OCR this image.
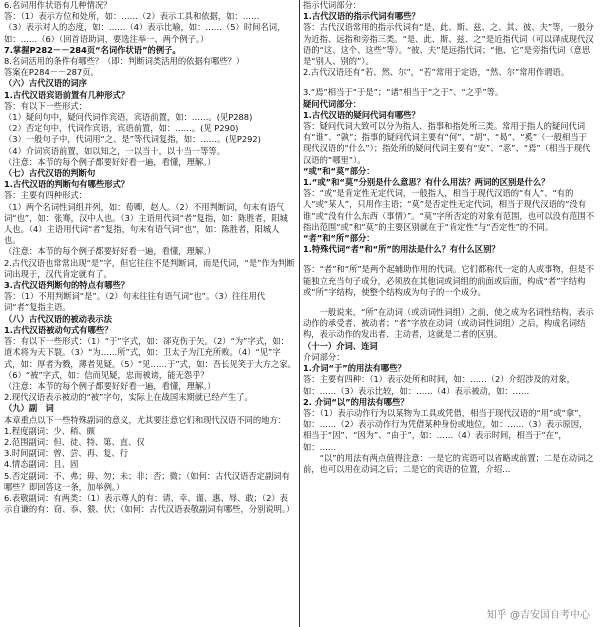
6.名词用作状语有几种情况？
答：（1）表示方位和处所，如：……（2）表示工具和依据，如：……
（3）表示对人的态度，如：……（4）表示比喻，如：……（5）时间名词，如：……（6）（回首语助词，要选注举一、两个例子。）
7.掌握P282－－284页“名词作状语”的例子。
8.名词活用的条件有哪些？（即：判断词类活用的依据有哪些？）
答案在P284－－287页。
（六）古代汉语的词序
1.古代汉语宾语前置有几种形式？
答：有以下一些形式：
（1）疑问句中，疑问代词作宾语，宾语前置，如：……。(见P288)
（2）否定句中，代词作宾语，宾语前置，如：……。(见 P290)
（3）一般句子中，代词用“之、是”等代词复指，如：……。(见P292)
（4）介词宾语前置，如以知之，一以当十，以十当一等等。
（注意：本节的每个例子都要好好看一遍，看懂，理解。）
（七）古代汉语的判断句
1.古代汉语的判断句有哪些形式？
答：主要有四种形式：
（1）两个名词性词组并列，如：荀卿，赵人。（2）不用判断词，句末有语气词“也”，如：张骞，汉中人也。（3）主语用代词“者”复指，如：陈胜者，阳城人也。（4）主语用代词“者”复指，句末有语气词“也”，如：陈胜者，阳城人也。
（注意：本节的每个例子都要好好看一遍，看懂，理解。）
2.古代汉语也常常出现“是”字，但它往往不是判断词，而是代词，“是”作为判断词出现于，汉代肯定就有了。
3.古代汉语判断句的特点有哪些？
答：（1）不用判断词“是”。（2）句末往往有语气词“也”。（3）往往用代词“者”复指主语。
（八）古代汉语的被动表示法
1.古代汉语被动句式有哪些？
答：有以下一些形式：（1）“于”字式，如：郤克伤于矢。（2）“为”字式，如：道术将为天下裂。（3）“为……所”式，如：卫太子为江充所败。（4）“见”字式，如：厚者为戮，薄者见疑。（5）“见……于”式，如：吾长见笑于大方之家。（6）“被”字式，如：信而见疑，忠而被谤，能无怨乎？
（注意：本节的每个例子都要好好看一遍，看懂，理解。）
2.现代汉语表示被动的“被”字句，实际上在战国末期就已经产生了。
（九）副　词
本章重点以下一些特殊副词的意义，尤其要注意它们和现代汉语不同的地方：
1.程度副词：少、稍、颇
2.范围副词：但、徒、特、第、直、仅
3.时间副词：曾、尝、再、复、行
4.情态副词：且、固
5.否定副词：不、弗；毋、勿；未；非；否；微；（如何：古代汉语否定副词有哪些？即回答这一条，加举例。）
6.表敬副词：有两类：（1）表示尊人的有：请、幸、谨、惠、辱、敢；（2）表示自谦的有：窃、忝、猥、伏；（如何：古代汉语表敬副词有哪些，分别说明。）
指示代词部分：
1.古代汉语的指示代词有哪些？
答：古代汉语常用的指示代词有“是、此、斯、兹、之、其、彼、夫”等，一般分为近指、远指和旁指三类。“是、此、斯、兹、之”是近指代词（可以译成现代汉语的“这、这个、这些”等）。“彼、夫”是远指代词；“他、它”是旁指代词（意思是“别人、别的”）。
2.古代汉语还有“若、然、尔”，“若”常用于定语，“然、尔”常用作谓语。
3.“焉”相当于“于是”；“诸”相当于“之于”、“之乎”等。
疑问代词部分：
1.古代汉语的疑问代词有哪些？
答：疑问代词大致可以分为指人、指事和指处所三类。常用于指人的疑问代词有“谁”、“孰”；指事的疑问代词主要有“何”、“胡”、“曷”、“奚”（一般相当于现代汉语的“什么”）；指处所的疑问代词主要有“安”、“恶”、“焉”（相当于现代汉语的“哪里”）。
“或”和“莫”部分：
1.“或”和“莫”分别是什么意思？有什么用法？两词的区别是什么？
答：“或”是肯定性无定代词，一般指人，相当于现代汉语的“有人”、“有的人”或“某人”，只用作主语；“莫”是否定性无定代词，相当于现代汉语的“没有谁”或“没有什么东西（事情）”。“莫”字所否定的对象有范围，也可以没有范围不指出范围“或”和“莫”的主要区别就在于“肯定性”与“否定性”的不同。
“者”和“所”部分：
1.特殊代词“者”和“所”的用法是什么？有什么区别？
答：“者”和“所”是两个起辅助作用的代词。它们都称代一定的人或事物，但是不能独立充当句子成分，必须放在其他词或词组的前面或后面，构成“者”字结构或“所”字结构，使整个结构成为句子的一个成分。
　　一般说来，“所”在动词（或动词性词组）之前，使之成为名词性结构，表示动作的承受者、被动者；“者”字放在动词（或动词性词组）之后，构成名词结构，表示动作的发出者、主动者，这就是二者的区别。
（十一）介词、连词
介词部分：
1.介词“于”的用法有哪些？
答：主要有四种：（1）表示处所和时间，如：……（2）介绍涉及的对象，如：……（3）表示比较，如：……（4）表示被动，如：……
2. 介词“以”的用法有哪些？
答：（1）表示动作行为以某物为工具或凭借，相当于现代汉语的“用”或“拿”，如：……（2）表示动作行为凭借某种身份或地位，如：……（3）表示原因，相当于“因”、“因为”、“由于”，如：……（4）表示时间，相当于“在”，如：……
　　“以”的用法有两点值得注意：一是它的宾语可以省略或前置；二是在动词之前，也可以用在动词之后；二是它的宾语的位置，介绍…
知乎 @吉安国自考中心
